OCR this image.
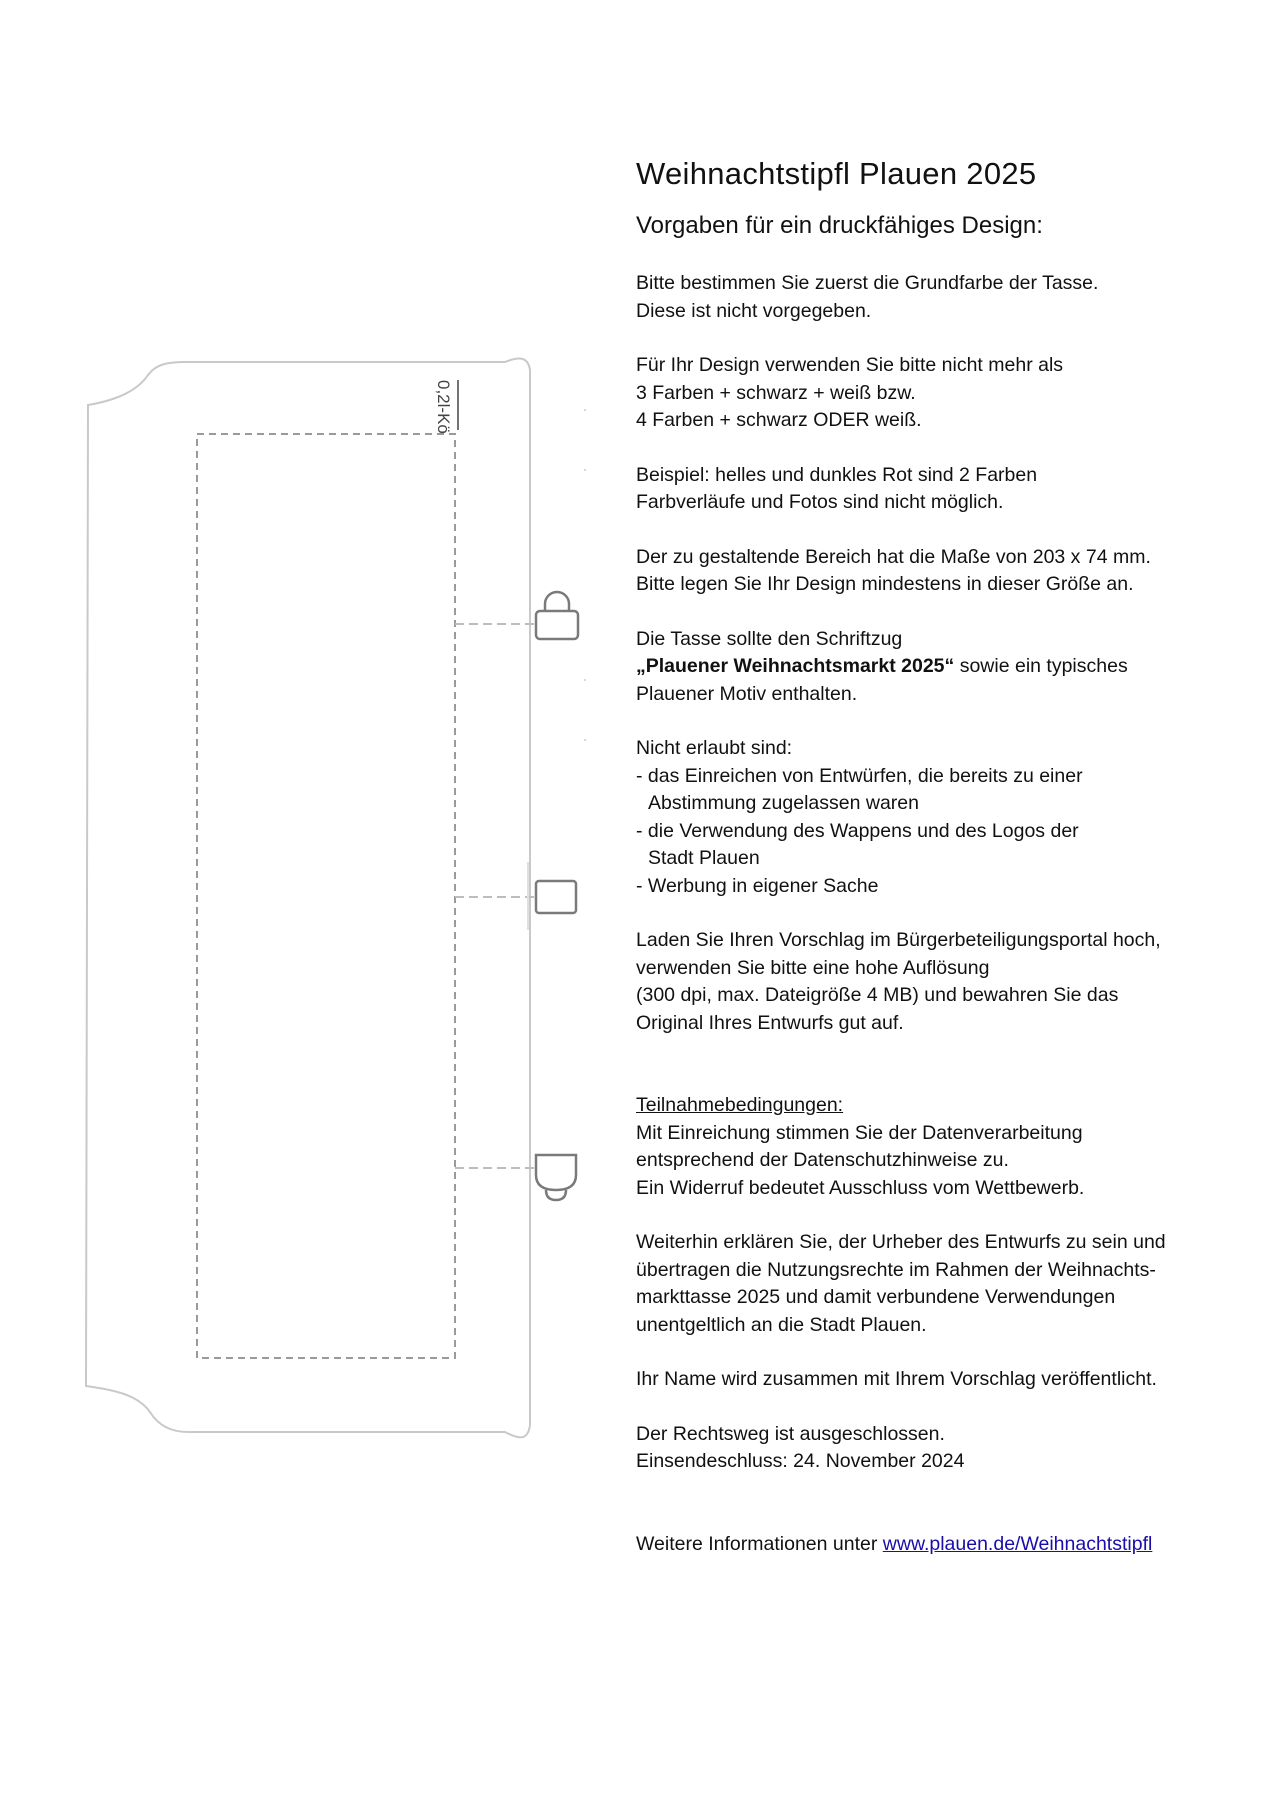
0,2l-Kö
Weihnachtstipfl Plauen 2025
Vorgaben für ein druckfähiges Design:

Bitte bestimmen Sie zuerst die Grundfarbe der Tasse.
Diese ist nicht vorgegeben.

Für Ihr Design verwenden Sie bitte nicht mehr als
3 Farben + schwarz + weiß bzw.
4 Farben + schwarz ODER weiß.

Beispiel: helles und dunkles Rot sind 2 Farben
Farbverläufe und Fotos sind nicht möglich.

Der zu gestaltende Bereich hat die Maße von 203 x 74 mm.
Bitte legen Sie Ihr Design mindestens in dieser Größe an.

Die Tasse sollte den Schriftzug
„Plauener Weihnachtsmarkt 2025“ sowie ein typisches
Plauener Motiv enthalten.

Nicht erlaubt sind:
- das Einreichen von Entwürfen, die bereits zu einer
Abstimmung zugelassen waren
- die Verwendung des Wappens und des Logos der
Stadt Plauen
- Werbung in eigener Sache

Laden Sie Ihren Vorschlag im Bürgerbeteiligungsportal hoch,
verwenden Sie bitte eine hohe Auflösung
(300 dpi, max. Dateigröße 4 MB) und bewahren Sie das
Original Ihres Entwurfs gut auf.

Teilnahmebedingungen:
Mit Einreichung stimmen Sie der Datenverarbeitung
entsprechend der Datenschutzhinweise zu.
Ein Widerruf bedeutet Ausschluss vom Wettbewerb.

Weiterhin erklären Sie, der Urheber des Entwurfs zu sein und
übertragen die Nutzungsrechte im Rahmen der Weihnachts-
markttasse 2025 und damit verbundene Verwendungen
unentgeltlich an die Stadt Plauen.

Ihr Name wird zusammen mit Ihrem Vorschlag veröffentlicht.

Der Rechtsweg ist ausgeschlossen.
Einsendeschluss: 24. November 2024

Weitere Informationen unter www.plauen.de/Weihnachtstipfl
